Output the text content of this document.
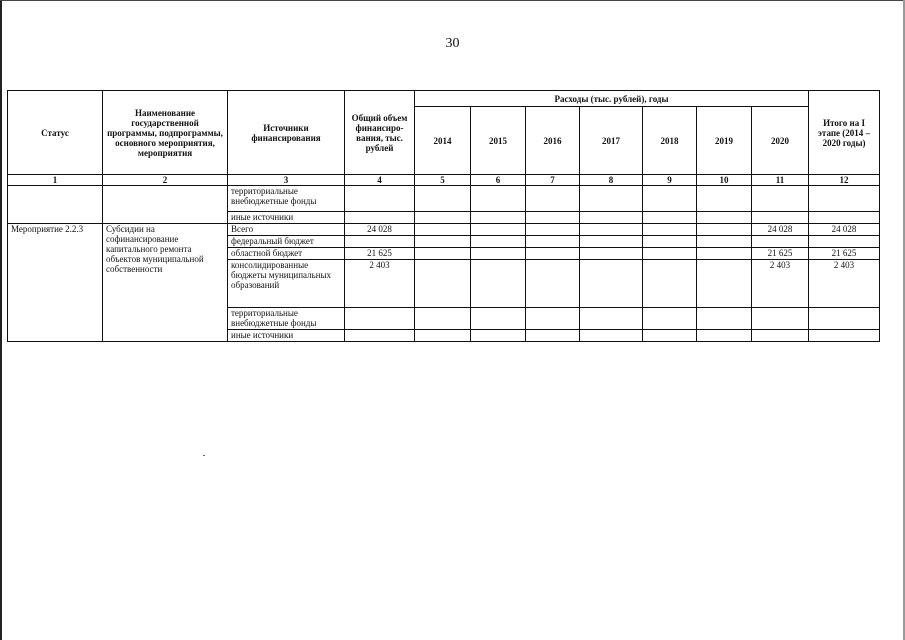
30
Статус	Наименование государственной программы, подпрограммы, основного мероприятия, мероприятия	Источники финансирования	Общий объем финансиро-вания, тыс. рублей	Расходы (тыс. рублей), годы							Итого на I этапе (2014 – 2020 годы)
				2014	2015	2016	2017	2018	2019	2020	
1	2	3	4	5	6	7	8	9	10	11	12
		территориальные внебюджетные фонды									
		иные источники									
Мероприятие 2.2.3	Субсидии на софинансирование капитального ремонта объектов муниципальной собственности	Всего	24 028							24 028	24 028
		федеральный бюджет									
		областной бюджет	21 625							21 625	21 625
		консолидированные бюджеты муниципальных образований	2 403							2 403	2 403
		территориальные внебюджетные фонды									
		иные источники									
